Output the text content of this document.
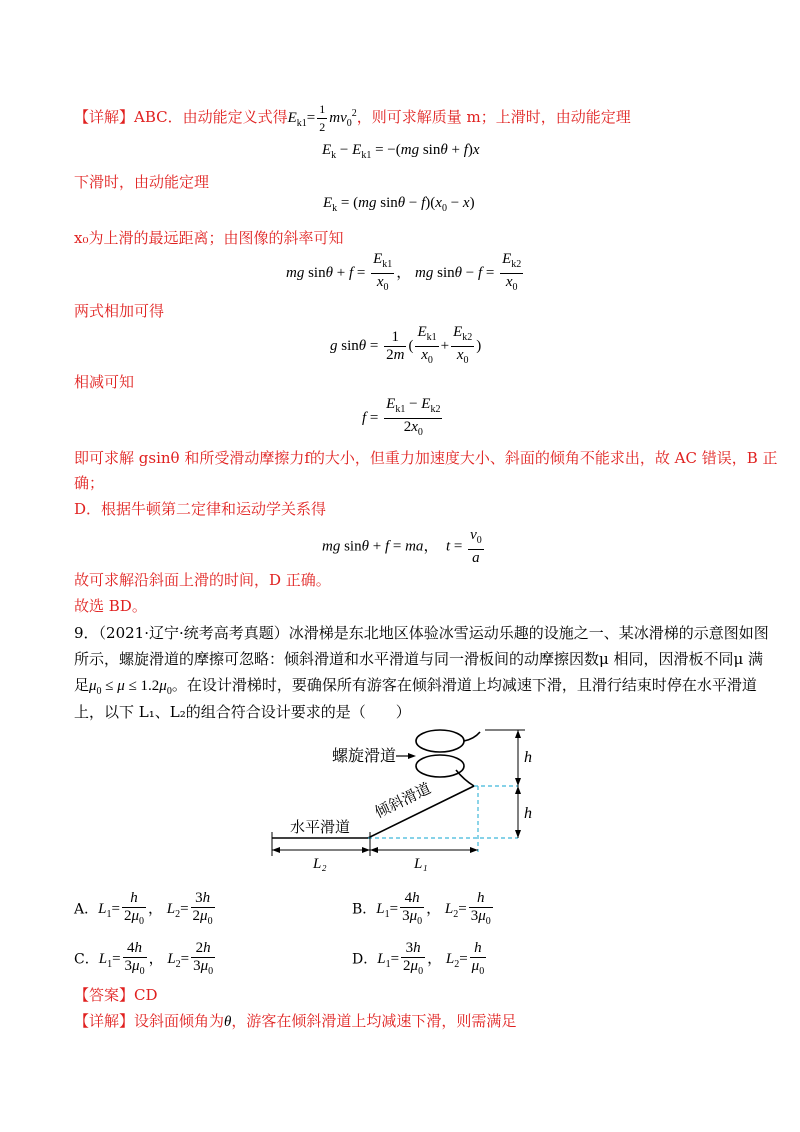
【详解】ABC．由动能定义式得$E_{k1}= \frac{1}{2} mv_0^2$，则可求解质量 m；上滑时，由动能定理
$E_k - E_{k1} = -(mg$ sinθ + f)x
下滑时，由动能定理
$E_k = (mg$ $\sin\theta - f)(x_0 - x)$
x₀为上滑的最远距离；由图像的斜率可知
mg $\sin\theta + f = \frac{E_{k1}}{x_0}$ ， mg $\sin\theta - f = \frac{E_{k2}}{x_0}$
两式相加可得
g $\sin\theta = \frac{1}{2m}$ ( $\frac{E_{k1}}{x_0} + \frac{E_{k2}}{x_0}$ )
相减可知
$f = \frac{E_{k1} - E_{k2}}{2x_0}$
即可求解 gsinθ 和所受滑动摩擦力f的大小，但重力加速度大小、斜面的倾角不能求出，故 AC 错误，B 正
确；
D．根据牛顿第二定律和运动学关系得
mg sinθ + f = ma，  $t = \frac{v_0}{a}$
故可求解沿斜面上滑的时间，D 正确。
故选 BD。
9．（2021·辽宁·统考高考真题）冰滑梯是东北地区体验冰雪运动乐趣的设施之一、某冰滑梯的示意图如图
所示，螺旋滑道的摩擦可忽略：倾斜滑道和水平滑道与同一滑板间的动摩擦因数μ 相同，因滑板不同μ 满
足$\mu_0 \le \mu \le 1.2\mu_0$。在设计滑梯时，要确保所有游客在倾斜滑道上均减速下滑，且滑行结束时停在水平滑道
上，以下 L₁、L₂的组合符合设计要求的是（　　）
h
h
L₂	L₁
螺旋滑道
倾斜滑道
水平滑道
A．$L_1= \frac{h}{2\mu_0}$ ， $L_2= \frac{3h}{2\mu_0}$	B．$L_1= \frac{4h}{3\mu_0}$ ， $L_2= \frac{h}{3\mu_0}$
C．$L_1= \frac{4h}{3\mu_0}$ ， $L_2= \frac{2h}{3\mu_0}$	D．$L_1= \frac{3h}{2\mu_0}$ ， $L_2= \frac{h}{\mu_0}$
【答案】CD
【详解】设斜面倾角为θ，游客在倾斜滑道上均减速下滑，则需满足
